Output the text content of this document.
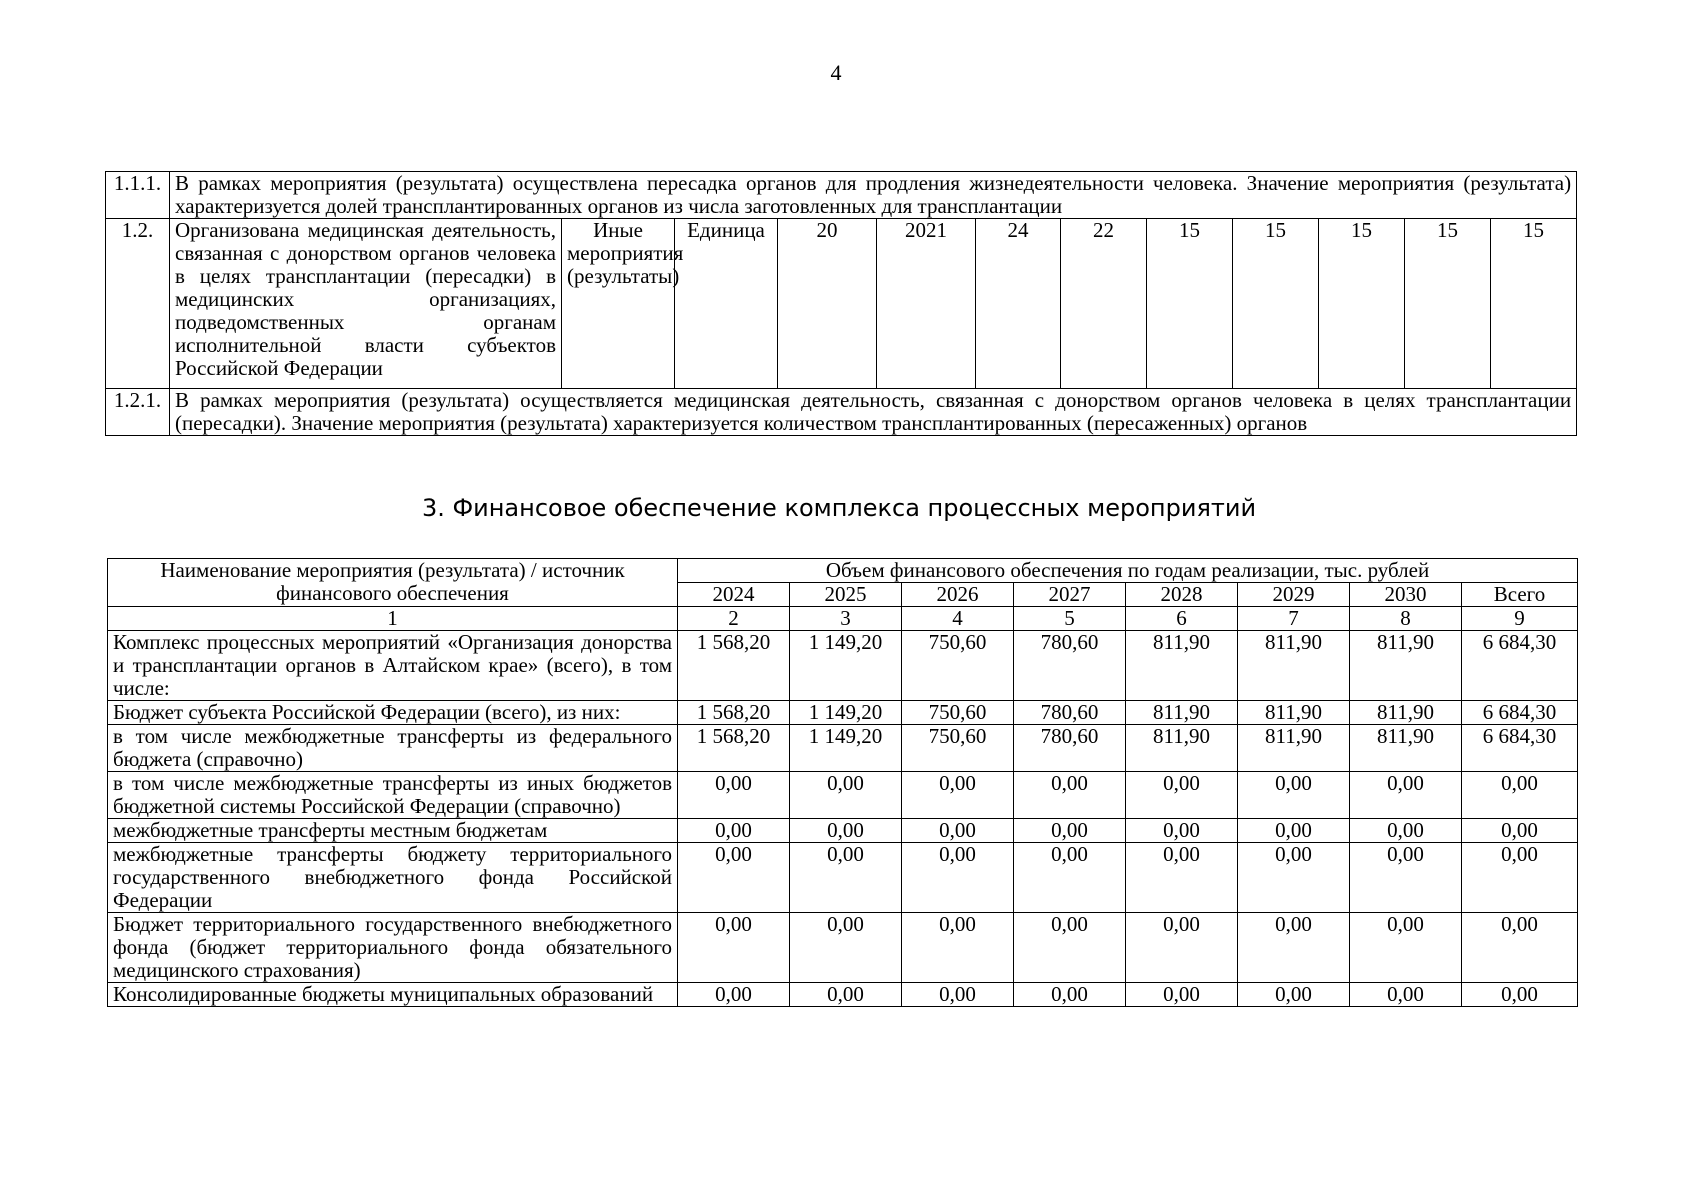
4
1.1.1.	В рамках мероприятия (результата) осуществлена пересадка органов для продления жизнедеятельности человека. Значение мероприятия (результата) характеризуется долей трансплантированных органов из числа заготовленных для трансплантации											
1.2.	Организована медицинская деятельность, связанная с донорством органов человека в целях трансплантации (пересадки) в медицинских организациях, подведомственных органам исполнительной власти субъектов Российской Федерации	Иные мероприятия (результаты)	Единица	20	2021	24	22	15	15	15	15	15
1.2.1.	В рамках мероприятия (результата) осуществляется медицинская деятельность, связанная с донорством органов человека в целях трансплантации (пересадки). Значение мероприятия (результата) характеризуется количеством трансплантированных (пересаженных) органов											
3. Финансовое обеспечение комплекса процессных мероприятий
Наименование мероприятия (результата) / источник финансового обеспечения	Объем финансового обеспечения по годам реализации, тыс. рублей							
	2024	2025	2026	2027	2028	2029	2030	Всего
1	2	3	4	5	6	7	8	9
Комплекс процессных мероприятий «Организация донорства и трансплантации органов в Алтайском крае» (всего), в том числе:	1 568,20	1 149,20	750,60	780,60	811,90	811,90	811,90	6 684,30
Бюджет субъекта Российской Федерации (всего), из них:	1 568,20	1 149,20	750,60	780,60	811,90	811,90	811,90	6 684,30
в том числе межбюджетные трансферты из федерального бюджета (справочно)	1 568,20	1 149,20	750,60	780,60	811,90	811,90	811,90	6 684,30
в том числе межбюджетные трансферты из иных бюджетов бюджетной системы Российской Федерации (справочно)	0,00	0,00	0,00	0,00	0,00	0,00	0,00	0,00
межбюджетные трансферты местным бюджетам	0,00	0,00	0,00	0,00	0,00	0,00	0,00	0,00
межбюджетные трансферты бюджету территориального государственного внебюджетного фонда Российской Федерации	0,00	0,00	0,00	0,00	0,00	0,00	0,00	0,00
Бюджет территориального государственного внебюджетного фонда (бюджет территориального фонда обязательного медицинского страхования)	0,00	0,00	0,00	0,00	0,00	0,00	0,00	0,00
Консолидированные бюджеты муниципальных образований	0,00	0,00	0,00	0,00	0,00	0,00	0,00	0,00
